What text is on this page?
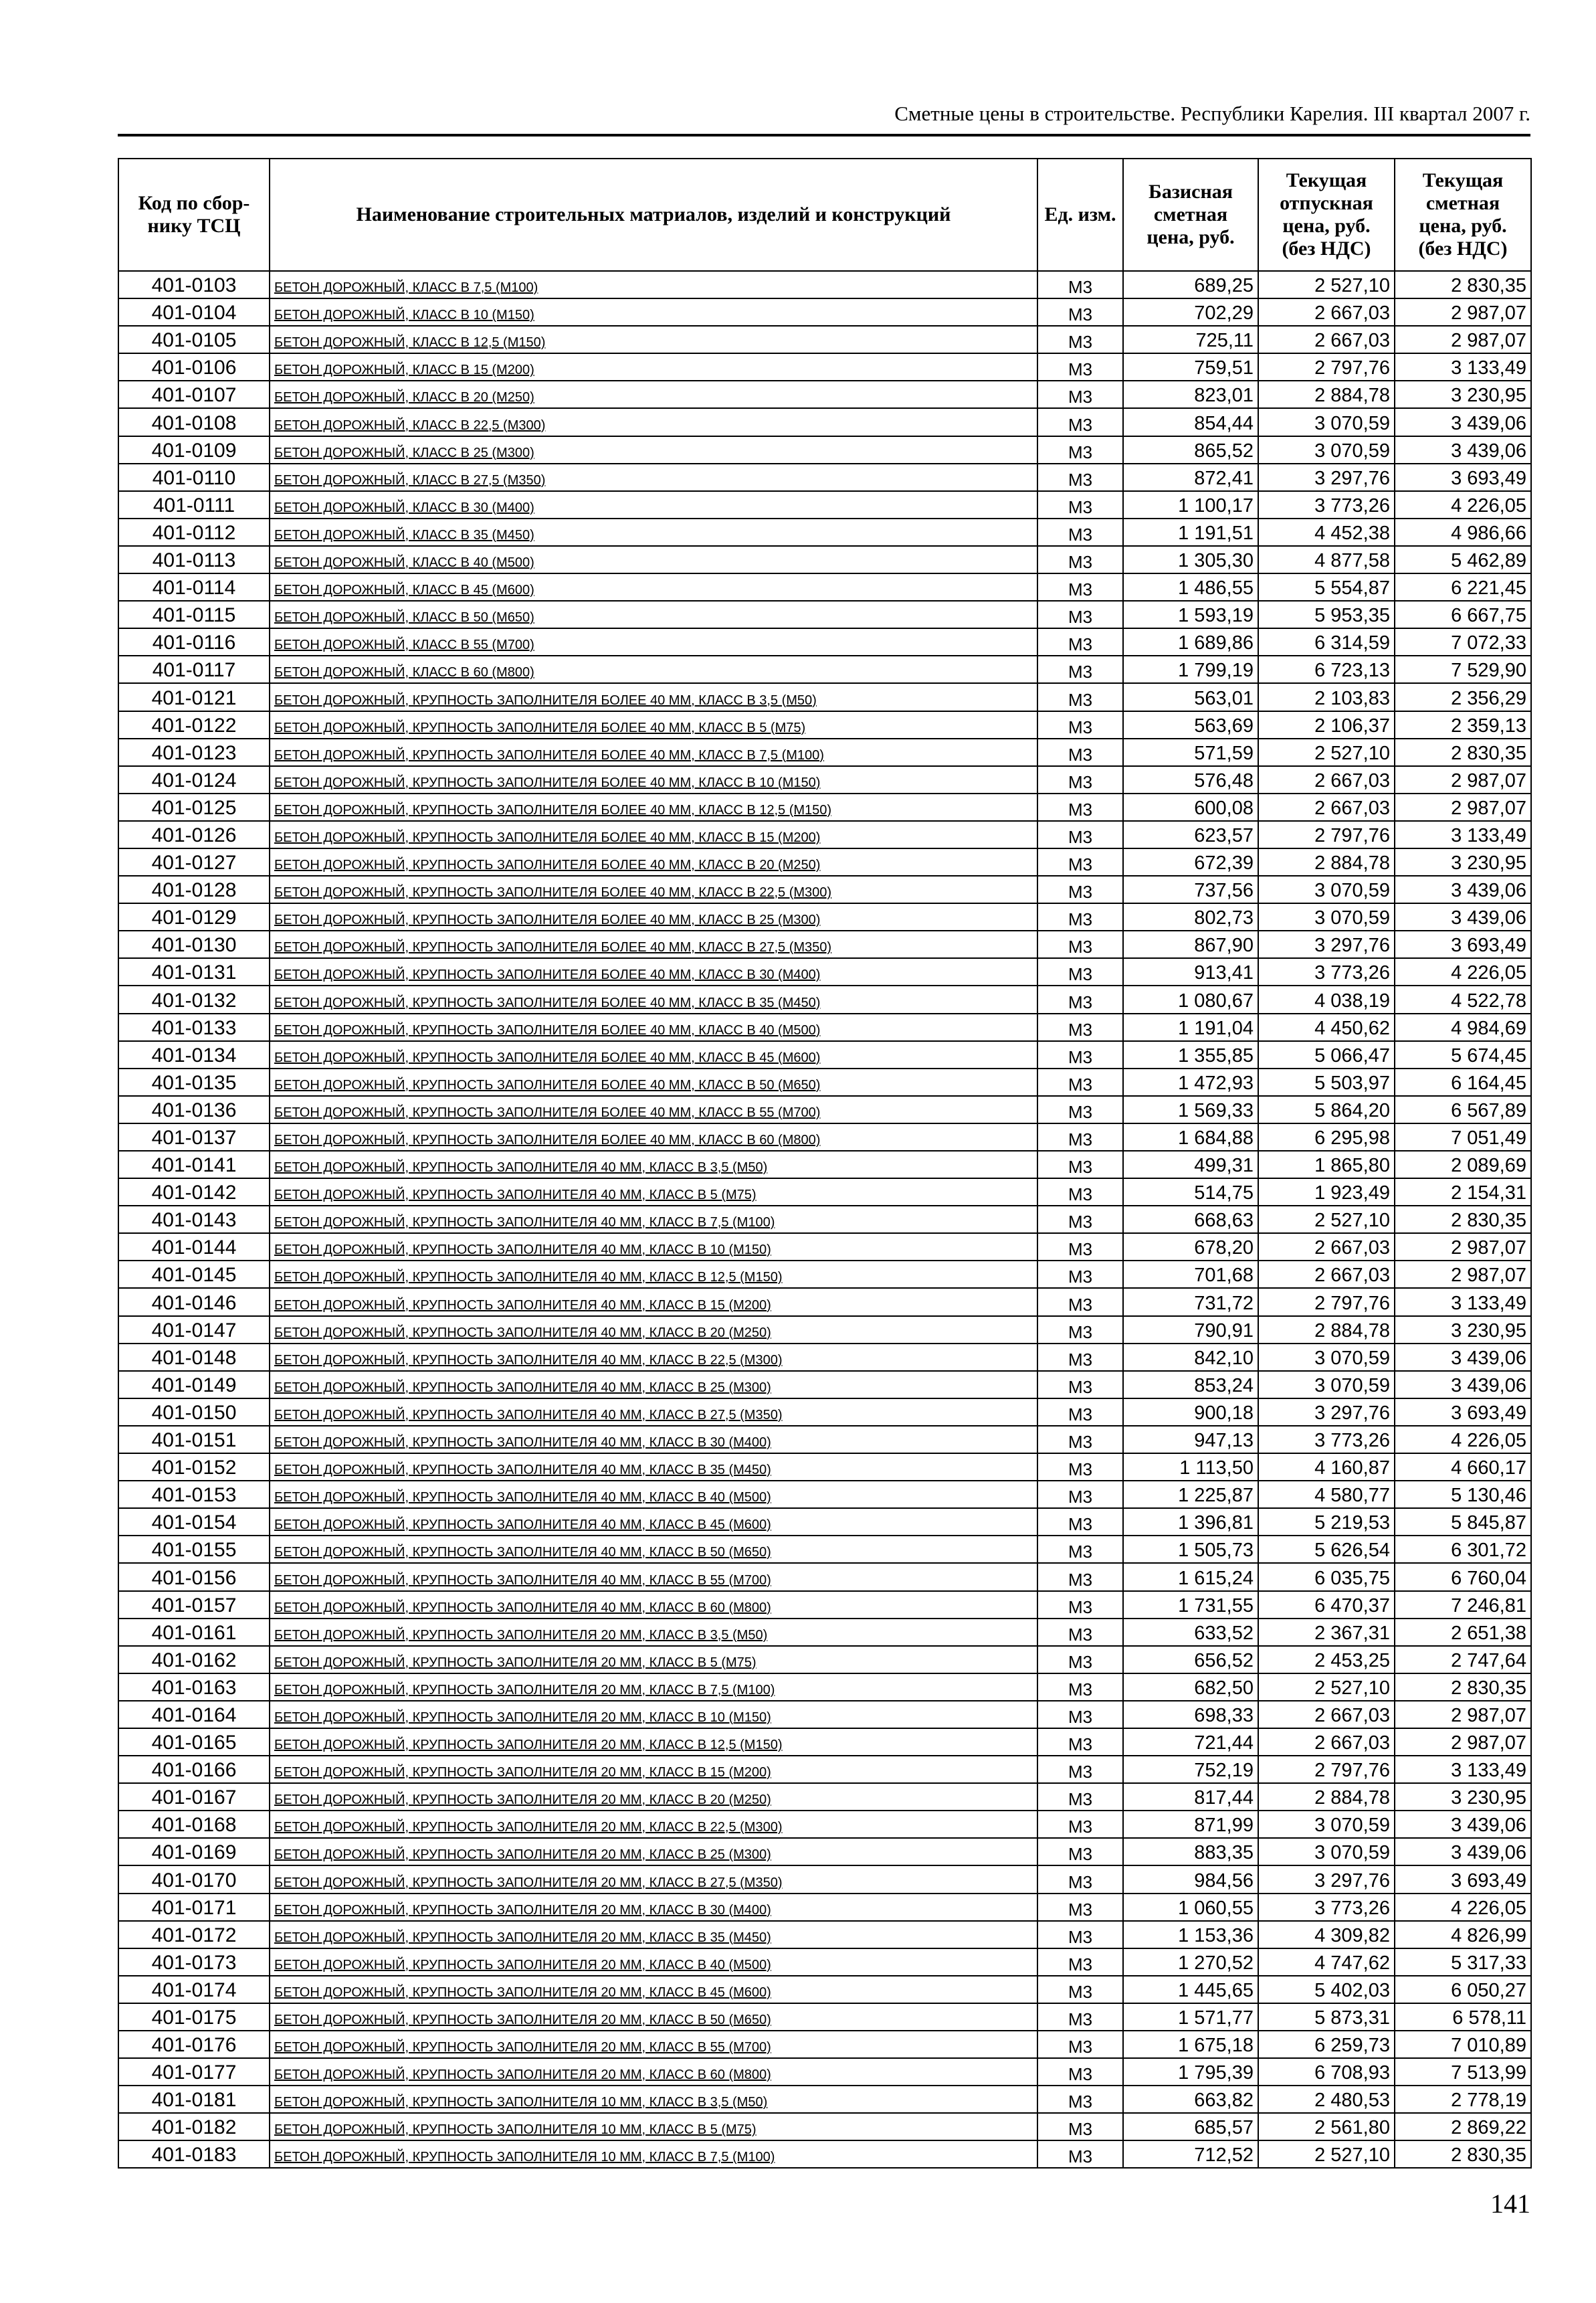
Сметные цены в строительстве. Республики Карелия. III квартал 2007 г.
Код по сбор-
нику ТСЦ	Наименование строительных матриалов, изделий и конструкций	Ед. изм.	Базисная
сметная
цена, руб.	Текущая
отпускная
цена, руб.
(без НДС)	Текущая
сметная
цена, руб.
(без НДС)
401-0103	БЕТОН ДОРОЖНЫЙ, КЛАСС В 7,5 (М100)	М3	689,25	2 527,10	2 830,35
401-0104	БЕТОН ДОРОЖНЫЙ, КЛАСС В 10 (М150)	М3	702,29	2 667,03	2 987,07
401-0105	БЕТОН ДОРОЖНЫЙ, КЛАСС В 12,5 (М150)	М3	725,11	2 667,03	2 987,07
401-0106	БЕТОН ДОРОЖНЫЙ, КЛАСС В 15 (М200)	М3	759,51	2 797,76	3 133,49
401-0107	БЕТОН ДОРОЖНЫЙ, КЛАСС В 20 (М250)	М3	823,01	2 884,78	3 230,95
401-0108	БЕТОН ДОРОЖНЫЙ, КЛАСС В 22,5 (М300)	М3	854,44	3 070,59	3 439,06
401-0109	БЕТОН ДОРОЖНЫЙ, КЛАСС В 25 (М300)	М3	865,52	3 070,59	3 439,06
401-0110	БЕТОН ДОРОЖНЫЙ, КЛАСС В 27,5 (М350)	М3	872,41	3 297,76	3 693,49
401-0111	БЕТОН ДОРОЖНЫЙ, КЛАСС В 30 (М400)	М3	1 100,17	3 773,26	4 226,05
401-0112	БЕТОН ДОРОЖНЫЙ, КЛАСС В 35 (М450)	М3	1 191,51	4 452,38	4 986,66
401-0113	БЕТОН ДОРОЖНЫЙ, КЛАСС В 40 (М500)	М3	1 305,30	4 877,58	5 462,89
401-0114	БЕТОН ДОРОЖНЫЙ, КЛАСС В 45 (М600)	М3	1 486,55	5 554,87	6 221,45
401-0115	БЕТОН ДОРОЖНЫЙ, КЛАСС В 50 (М650)	М3	1 593,19	5 953,35	6 667,75
401-0116	БЕТОН ДОРОЖНЫЙ, КЛАСС В 55 (М700)	М3	1 689,86	6 314,59	7 072,33
401-0117	БЕТОН ДОРОЖНЫЙ, КЛАСС В 60 (М800)	М3	1 799,19	6 723,13	7 529,90
401-0121	БЕТОН ДОРОЖНЫЙ, КРУПНОСТЬ ЗАПОЛНИТЕЛЯ БОЛЕЕ 40 ММ, КЛАСС В 3,5 (М50)	М3	563,01	2 103,83	2 356,29
401-0122	БЕТОН ДОРОЖНЫЙ, КРУПНОСТЬ ЗАПОЛНИТЕЛЯ БОЛЕЕ 40 ММ, КЛАСС В 5 (М75)	М3	563,69	2 106,37	2 359,13
401-0123	БЕТОН ДОРОЖНЫЙ, КРУПНОСТЬ ЗАПОЛНИТЕЛЯ БОЛЕЕ 40 ММ, КЛАСС В 7,5 (М100)	М3	571,59	2 527,10	2 830,35
401-0124	БЕТОН ДОРОЖНЫЙ, КРУПНОСТЬ ЗАПОЛНИТЕЛЯ БОЛЕЕ 40 ММ, КЛАСС В 10 (М150)	М3	576,48	2 667,03	2 987,07
401-0125	БЕТОН ДОРОЖНЫЙ, КРУПНОСТЬ ЗАПОЛНИТЕЛЯ БОЛЕЕ 40 ММ, КЛАСС В 12,5 (М150)	М3	600,08	2 667,03	2 987,07
401-0126	БЕТОН ДОРОЖНЫЙ, КРУПНОСТЬ ЗАПОЛНИТЕЛЯ БОЛЕЕ 40 ММ, КЛАСС В 15 (М200)	М3	623,57	2 797,76	3 133,49
401-0127	БЕТОН ДОРОЖНЫЙ, КРУПНОСТЬ ЗАПОЛНИТЕЛЯ БОЛЕЕ 40 ММ, КЛАСС В 20 (М250)	М3	672,39	2 884,78	3 230,95
401-0128	БЕТОН ДОРОЖНЫЙ, КРУПНОСТЬ ЗАПОЛНИТЕЛЯ БОЛЕЕ 40 ММ, КЛАСС В 22,5 (М300)	М3	737,56	3 070,59	3 439,06
401-0129	БЕТОН ДОРОЖНЫЙ, КРУПНОСТЬ ЗАПОЛНИТЕЛЯ БОЛЕЕ 40 ММ, КЛАСС В 25 (М300)	М3	802,73	3 070,59	3 439,06
401-0130	БЕТОН ДОРОЖНЫЙ, КРУПНОСТЬ ЗАПОЛНИТЕЛЯ БОЛЕЕ 40 ММ, КЛАСС В 27,5 (М350)	М3	867,90	3 297,76	3 693,49
401-0131	БЕТОН ДОРОЖНЫЙ, КРУПНОСТЬ ЗАПОЛНИТЕЛЯ БОЛЕЕ 40 ММ, КЛАСС В 30 (М400)	М3	913,41	3 773,26	4 226,05
401-0132	БЕТОН ДОРОЖНЫЙ, КРУПНОСТЬ ЗАПОЛНИТЕЛЯ БОЛЕЕ 40 ММ, КЛАСС В 35 (М450)	М3	1 080,67	4 038,19	4 522,78
401-0133	БЕТОН ДОРОЖНЫЙ, КРУПНОСТЬ ЗАПОЛНИТЕЛЯ БОЛЕЕ 40 ММ, КЛАСС В 40 (М500)	М3	1 191,04	4 450,62	4 984,69
401-0134	БЕТОН ДОРОЖНЫЙ, КРУПНОСТЬ ЗАПОЛНИТЕЛЯ БОЛЕЕ 40 ММ, КЛАСС В 45 (М600)	М3	1 355,85	5 066,47	5 674,45
401-0135	БЕТОН ДОРОЖНЫЙ, КРУПНОСТЬ ЗАПОЛНИТЕЛЯ БОЛЕЕ 40 ММ, КЛАСС В 50 (М650)	М3	1 472,93	5 503,97	6 164,45
401-0136	БЕТОН ДОРОЖНЫЙ, КРУПНОСТЬ ЗАПОЛНИТЕЛЯ БОЛЕЕ 40 ММ, КЛАСС В 55 (М700)	М3	1 569,33	5 864,20	6 567,89
401-0137	БЕТОН ДОРОЖНЫЙ, КРУПНОСТЬ ЗАПОЛНИТЕЛЯ БОЛЕЕ 40 ММ, КЛАСС В 60 (М800)	М3	1 684,88	6 295,98	7 051,49
401-0141	БЕТОН ДОРОЖНЫЙ, КРУПНОСТЬ ЗАПОЛНИТЕЛЯ 40 ММ, КЛАСС В 3,5 (М50)	М3	499,31	1 865,80	2 089,69
401-0142	БЕТОН ДОРОЖНЫЙ, КРУПНОСТЬ ЗАПОЛНИТЕЛЯ 40 ММ, КЛАСС В 5 (М75)	М3	514,75	1 923,49	2 154,31
401-0143	БЕТОН ДОРОЖНЫЙ, КРУПНОСТЬ ЗАПОЛНИТЕЛЯ 40 ММ, КЛАСС В 7,5 (М100)	М3	668,63	2 527,10	2 830,35
401-0144	БЕТОН ДОРОЖНЫЙ, КРУПНОСТЬ ЗАПОЛНИТЕЛЯ 40 ММ, КЛАСС В 10 (М150)	М3	678,20	2 667,03	2 987,07
401-0145	БЕТОН ДОРОЖНЫЙ, КРУПНОСТЬ ЗАПОЛНИТЕЛЯ 40 ММ, КЛАСС В 12,5 (М150)	М3	701,68	2 667,03	2 987,07
401-0146	БЕТОН ДОРОЖНЫЙ, КРУПНОСТЬ ЗАПОЛНИТЕЛЯ 40 ММ, КЛАСС В 15 (М200)	М3	731,72	2 797,76	3 133,49
401-0147	БЕТОН ДОРОЖНЫЙ, КРУПНОСТЬ ЗАПОЛНИТЕЛЯ 40 ММ, КЛАСС В 20 (М250)	М3	790,91	2 884,78	3 230,95
401-0148	БЕТОН ДОРОЖНЫЙ, КРУПНОСТЬ ЗАПОЛНИТЕЛЯ 40 ММ, КЛАСС В 22,5 (М300)	М3	842,10	3 070,59	3 439,06
401-0149	БЕТОН ДОРОЖНЫЙ, КРУПНОСТЬ ЗАПОЛНИТЕЛЯ 40 ММ, КЛАСС В 25 (М300)	М3	853,24	3 070,59	3 439,06
401-0150	БЕТОН ДОРОЖНЫЙ, КРУПНОСТЬ ЗАПОЛНИТЕЛЯ 40 ММ, КЛАСС В 27,5 (М350)	М3	900,18	3 297,76	3 693,49
401-0151	БЕТОН ДОРОЖНЫЙ, КРУПНОСТЬ ЗАПОЛНИТЕЛЯ 40 ММ, КЛАСС В 30 (М400)	М3	947,13	3 773,26	4 226,05
401-0152	БЕТОН ДОРОЖНЫЙ, КРУПНОСТЬ ЗАПОЛНИТЕЛЯ 40 ММ, КЛАСС В 35 (М450)	М3	1 113,50	4 160,87	4 660,17
401-0153	БЕТОН ДОРОЖНЫЙ, КРУПНОСТЬ ЗАПОЛНИТЕЛЯ 40 ММ, КЛАСС В 40 (М500)	М3	1 225,87	4 580,77	5 130,46
401-0154	БЕТОН ДОРОЖНЫЙ, КРУПНОСТЬ ЗАПОЛНИТЕЛЯ 40 ММ, КЛАСС В 45 (М600)	М3	1 396,81	5 219,53	5 845,87
401-0155	БЕТОН ДОРОЖНЫЙ, КРУПНОСТЬ ЗАПОЛНИТЕЛЯ 40 ММ, КЛАСС В 50 (М650)	М3	1 505,73	5 626,54	6 301,72
401-0156	БЕТОН ДОРОЖНЫЙ, КРУПНОСТЬ ЗАПОЛНИТЕЛЯ 40 ММ, КЛАСС В 55 (М700)	М3	1 615,24	6 035,75	6 760,04
401-0157	БЕТОН ДОРОЖНЫЙ, КРУПНОСТЬ ЗАПОЛНИТЕЛЯ 40 ММ, КЛАСС В 60 (М800)	М3	1 731,55	6 470,37	7 246,81
401-0161	БЕТОН ДОРОЖНЫЙ, КРУПНОСТЬ ЗАПОЛНИТЕЛЯ 20 ММ, КЛАСС В 3,5 (М50)	М3	633,52	2 367,31	2 651,38
401-0162	БЕТОН ДОРОЖНЫЙ, КРУПНОСТЬ ЗАПОЛНИТЕЛЯ 20 ММ, КЛАСС В 5 (М75)	М3	656,52	2 453,25	2 747,64
401-0163	БЕТОН ДОРОЖНЫЙ, КРУПНОСТЬ ЗАПОЛНИТЕЛЯ 20 ММ, КЛАСС В 7,5 (М100)	М3	682,50	2 527,10	2 830,35
401-0164	БЕТОН ДОРОЖНЫЙ, КРУПНОСТЬ ЗАПОЛНИТЕЛЯ 20 ММ, КЛАСС В 10 (М150)	М3	698,33	2 667,03	2 987,07
401-0165	БЕТОН ДОРОЖНЫЙ, КРУПНОСТЬ ЗАПОЛНИТЕЛЯ 20 ММ, КЛАСС В 12,5 (М150)	М3	721,44	2 667,03	2 987,07
401-0166	БЕТОН ДОРОЖНЫЙ, КРУПНОСТЬ ЗАПОЛНИТЕЛЯ 20 ММ, КЛАСС В 15 (М200)	М3	752,19	2 797,76	3 133,49
401-0167	БЕТОН ДОРОЖНЫЙ, КРУПНОСТЬ ЗАПОЛНИТЕЛЯ 20 ММ, КЛАСС В 20 (М250)	М3	817,44	2 884,78	3 230,95
401-0168	БЕТОН ДОРОЖНЫЙ, КРУПНОСТЬ ЗАПОЛНИТЕЛЯ 20 ММ, КЛАСС В 22,5 (М300)	М3	871,99	3 070,59	3 439,06
401-0169	БЕТОН ДОРОЖНЫЙ, КРУПНОСТЬ ЗАПОЛНИТЕЛЯ 20 ММ, КЛАСС В 25 (М300)	М3	883,35	3 070,59	3 439,06
401-0170	БЕТОН ДОРОЖНЫЙ, КРУПНОСТЬ ЗАПОЛНИТЕЛЯ 20 ММ, КЛАСС В 27,5 (М350)	М3	984,56	3 297,76	3 693,49
401-0171	БЕТОН ДОРОЖНЫЙ, КРУПНОСТЬ ЗАПОЛНИТЕЛЯ 20 ММ, КЛАСС В 30 (М400)	М3	1 060,55	3 773,26	4 226,05
401-0172	БЕТОН ДОРОЖНЫЙ, КРУПНОСТЬ ЗАПОЛНИТЕЛЯ 20 ММ, КЛАСС В 35 (М450)	М3	1 153,36	4 309,82	4 826,99
401-0173	БЕТОН ДОРОЖНЫЙ, КРУПНОСТЬ ЗАПОЛНИТЕЛЯ 20 ММ, КЛАСС В 40 (М500)	М3	1 270,52	4 747,62	5 317,33
401-0174	БЕТОН ДОРОЖНЫЙ, КРУПНОСТЬ ЗАПОЛНИТЕЛЯ 20 ММ, КЛАСС В 45 (М600)	М3	1 445,65	5 402,03	6 050,27
401-0175	БЕТОН ДОРОЖНЫЙ, КРУПНОСТЬ ЗАПОЛНИТЕЛЯ 20 ММ, КЛАСС В 50 (М650)	М3	1 571,77	5 873,31	6 578,11
401-0176	БЕТОН ДОРОЖНЫЙ, КРУПНОСТЬ ЗАПОЛНИТЕЛЯ 20 ММ, КЛАСС В 55 (М700)	М3	1 675,18	6 259,73	7 010,89
401-0177	БЕТОН ДОРОЖНЫЙ, КРУПНОСТЬ ЗАПОЛНИТЕЛЯ 20 ММ, КЛАСС В 60 (М800)	М3	1 795,39	6 708,93	7 513,99
401-0181	БЕТОН ДОРОЖНЫЙ, КРУПНОСТЬ ЗАПОЛНИТЕЛЯ 10 ММ, КЛАСС В 3,5 (М50)	М3	663,82	2 480,53	2 778,19
401-0182	БЕТОН ДОРОЖНЫЙ, КРУПНОСТЬ ЗАПОЛНИТЕЛЯ 10 ММ, КЛАСС В 5 (М75)	М3	685,57	2 561,80	2 869,22
401-0183	БЕТОН ДОРОЖНЫЙ, КРУПНОСТЬ ЗАПОЛНИТЕЛЯ 10 ММ, КЛАСС В 7,5 (М100)	М3	712,52	2 527,10	2 830,35
141
